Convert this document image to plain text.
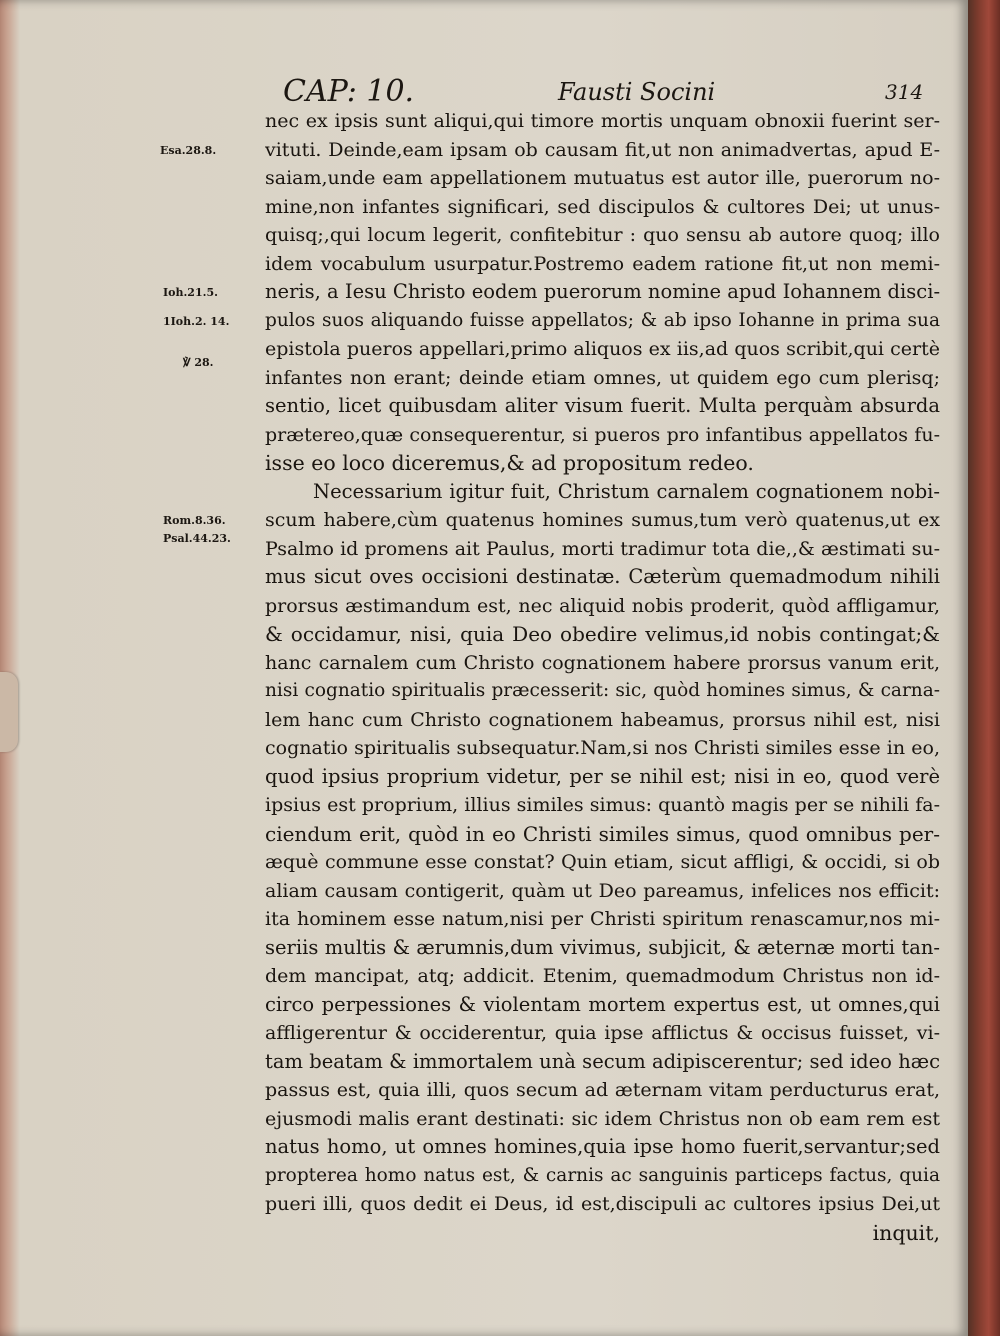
CAP: 10.	Fausti Socini	314
Esa.28.8.
Ioh.21.5.
1Ioh.2. 14.
℣ 28.
Rom.8.36.
Psal.44.23.
nec ex ipsis sunt aliqui,qui timore mortis unquam obnoxii fuerint ser-
vituti. Deinde,eam ipsam ob causam fit,ut non animadvertas, apud E-
saiam,unde eam appellationem mutuatus est autor ille, puerorum no-
mine,non infantes significari, sed discipulos & cultores Dei; ut unus-
quisq;,qui locum legerit, confitebitur : quo sensu ab autore quoq; illo
idem vocabulum usurpatur.Postremo eadem ratione fit,ut non memi-
neris, a Iesu Christo eodem puerorum nomine apud Iohannem disci-
pulos suos aliquando fuisse appellatos; & ab ipso Iohanne in prima sua
epistola pueros appellari,primo aliquos ex iis,ad quos scribit,qui certè
infantes non erant; deinde etiam omnes, ut quidem ego cum plerisq;
sentio, licet quibusdam aliter visum fuerit. Multa perquàm absurda
prætereo,quæ consequerentur, si pueros pro infantibus appellatos fu-
isse eo loco diceremus,& ad propositum redeo.
Necessarium igitur fuit, Christum carnalem cognationem nobi-
scum habere,cùm quatenus homines sumus,tum verò quatenus,ut ex
Psalmo id promens ait Paulus, morti tradimur tota die,,& æstimati su-
mus sicut oves occisioni destinatæ. Cæterùm quemadmodum nihili
prorsus æstimandum est, nec aliquid nobis proderit, quòd affligamur,
& occidamur, nisi, quia Deo obedire velimus,id nobis contingat;&
hanc carnalem cum Christo cognationem habere prorsus vanum erit,
nisi cognatio spiritualis præcesserit: sic, quòd homines simus, & carna-
lem hanc cum Christo cognationem habeamus, prorsus nihil est, nisi
cognatio spiritualis subsequatur.Nam,si nos Christi similes esse in eo,
quod ipsius proprium videtur, per se nihil est; nisi in eo, quod verè
ipsius est proprium, illius similes simus: quantò magis per se nihili fa-
ciendum erit, quòd in eo Christi similes simus, quod omnibus per-
æquè commune esse constat? Quin etiam, sicut affligi, & occidi, si ob
aliam causam contigerit, quàm ut Deo pareamus, infelices nos efficit:
ita hominem esse natum,nisi per Christi spiritum renascamur,nos mi-
seriis multis & ærumnis,dum vivimus, subjicit, & æternæ morti tan-
dem mancipat, atq; addicit. Etenim, quemadmodum Christus non id-
circo perpessiones & violentam mortem expertus est, ut omnes,qui
affligerentur & occiderentur, quia ipse afflictus & occisus fuisset, vi-
tam beatam & immortalem unà secum adipiscerentur; sed ideo hæc
passus est, quia illi, quos secum ad æternam vitam perducturus erat,
ejusmodi malis erant destinati: sic idem Christus non ob eam rem est
natus homo, ut omnes homines,quia ipse homo fuerit,servantur;sed
propterea homo natus est, & carnis ac sanguinis particeps factus, quia
pueri illi, quos dedit ei Deus, id est,discipuli ac cultores ipsius Dei,ut
inquit,
